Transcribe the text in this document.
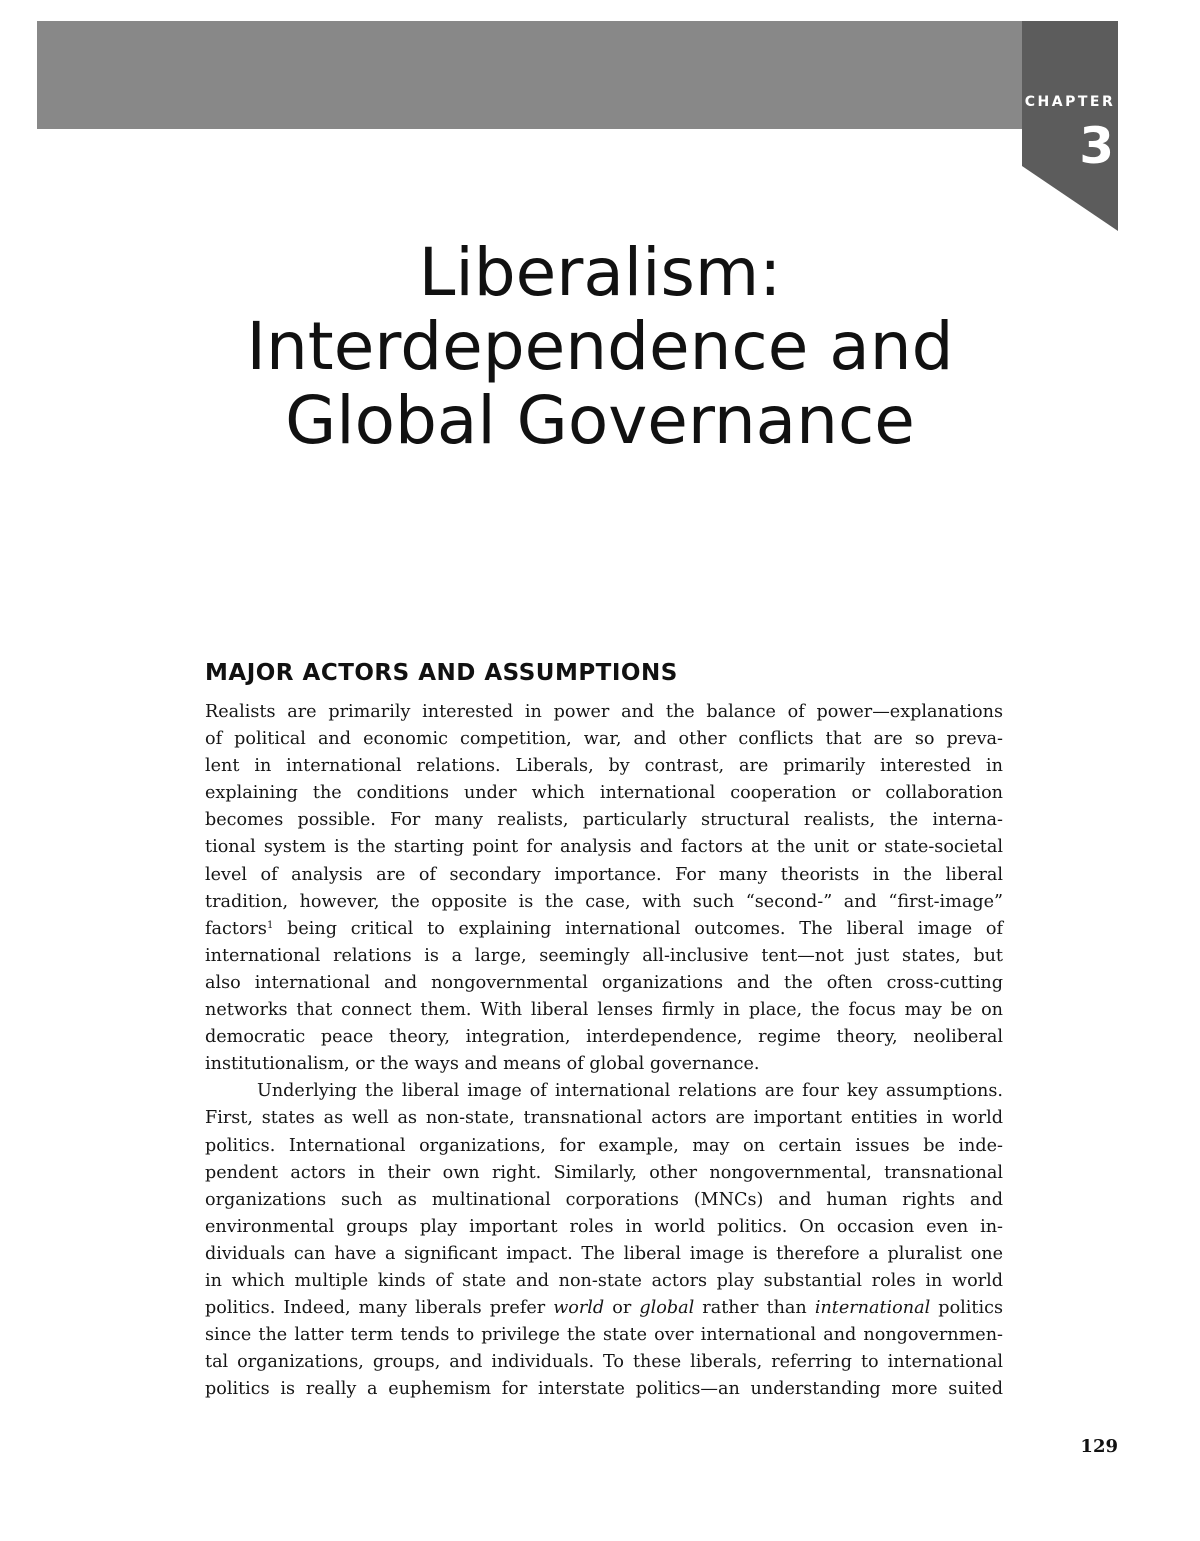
CHAPTER
3
Liberalism:
Interdependence and
Global Governance
MAJOR ACTORS AND ASSUMPTIONS

Realists are primarily interested in power and the balance of power—explanations
of political and economic competition, war, and other conflicts that are so preva-
lent in international relations. Liberals, by contrast, are primarily interested in
explaining the conditions under which international cooperation or collaboration
becomes possible. For many realists, particularly structural realists, the interna-
tional system is the starting point for analysis and factors at the unit or state-societal
level of analysis are of secondary importance. For many theorists in the liberal
tradition, however, the opposite is the case, with such “second-” and “first-image”
factors$^1$ being critical to explaining international outcomes. The liberal image of
international relations is a large, seemingly all-inclusive tent—not just states, but
also international and nongovernmental organizations and the often cross-cutting
networks that connect them. With liberal lenses firmly in place, the focus may be on
democratic peace theory, integration, interdependence, regime theory, neoliberal
institutionalism, or the ways and means of global governance.

Underlying the liberal image of international relations are four key assumptions.
First, states as well as non-state, transnational actors are important entities in world
politics. International organizations, for example, may on certain issues be inde-
pendent actors in their own right. Similarly, other nongovernmental, transnational
organizations such as multinational corporations (MNCs) and human rights and
environmental groups play important roles in world politics. On occasion even in-
dividuals can have a significant impact. The liberal image is therefore a pluralist one
in which multiple kinds of state and non-state actors play substantial roles in world
politics. Indeed, many liberals prefer world or global rather than international politics
since the latter term tends to privilege the state over international and nongovernmen-
tal organizations, groups, and individuals. To these liberals, referring to international
politics is really a euphemism for interstate politics—an understanding more suited

129
